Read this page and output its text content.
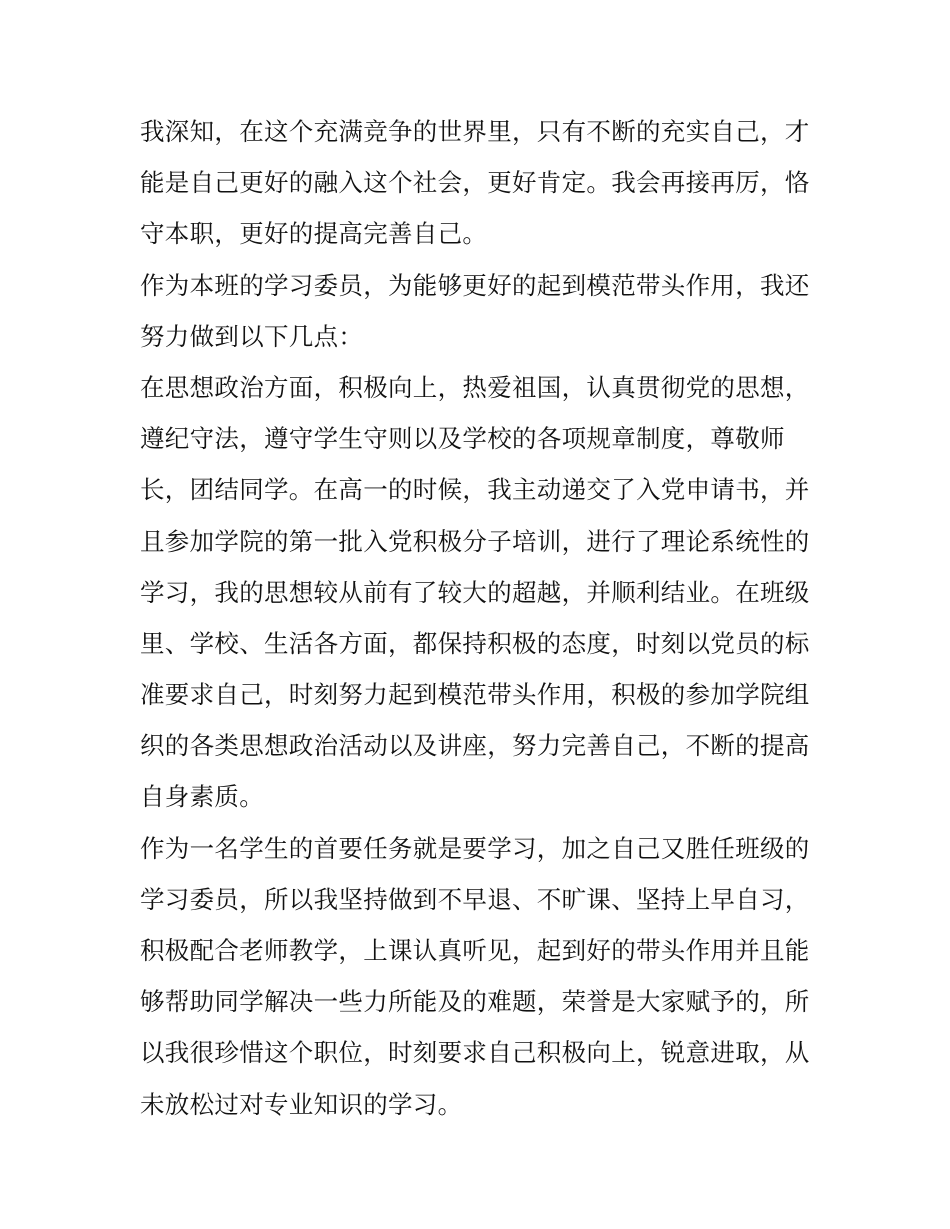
我深知，在这个充满竞争的世界里，只有不断的充实自己，才
能是自己更好的融入这个社会，更好肯定。我会再接再厉，恪
守本职，更好的提高完善自己。
作为本班的学习委员，为能够更好的起到模范带头作用，我还
努力做到以下几点：
在思想政治方面，积极向上，热爱祖国，认真贯彻党的思想，
遵纪守法，遵守学生守则以及学校的各项规章制度，尊敬师
长，团结同学。在高一的时候，我主动递交了入党申请书，并
且参加学院的第一批入党积极分子培训，进行了理论系统性的
学习，我的思想较从前有了较大的超越，并顺利结业。在班级
里、学校、生活各方面，都保持积极的态度，时刻以党员的标
准要求自己，时刻努力起到模范带头作用，积极的参加学院组
织的各类思想政治活动以及讲座，努力完善自己，不断的提高
自身素质。
作为一名学生的首要任务就是要学习，加之自己又胜任班级的
学习委员，所以我坚持做到不早退、不旷课、坚持上早自习，
积极配合老师教学，上课认真听见，起到好的带头作用并且能
够帮助同学解决一些力所能及的难题，荣誉是大家赋予的，所
以我很珍惜这个职位，时刻要求自己积极向上，锐意进取，从
未放松过对专业知识的学习。
